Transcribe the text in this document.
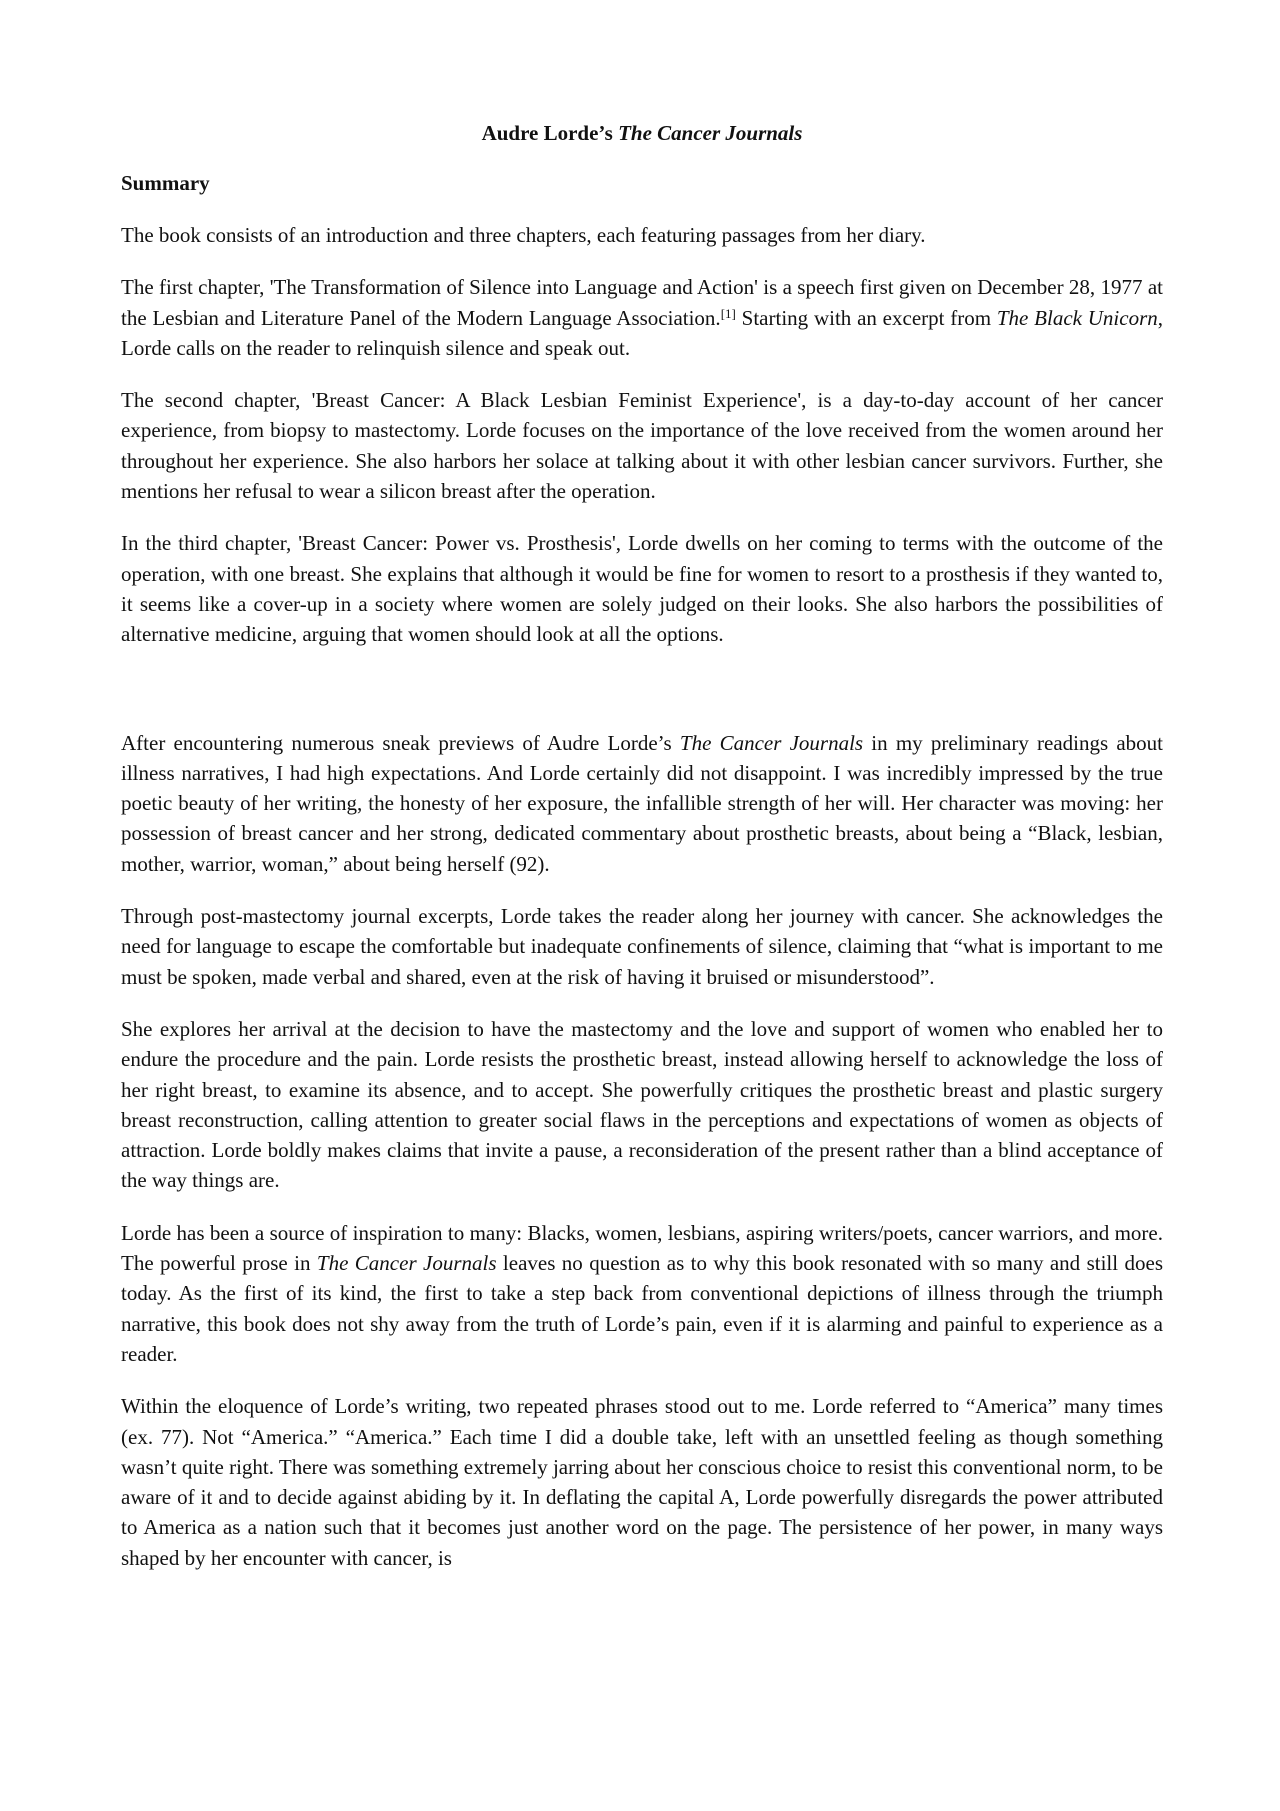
Audre Lorde’s The Cancer Journals
Summary

The book consists of an introduction and three chapters, each featuring passages from her diary.

The first chapter, 'The Transformation of Silence into Language and Action' is a speech first given on December 28, 1977 at the Lesbian and Literature Panel of the Modern Language Association.[1] Starting with an excerpt from The Black Unicorn, Lorde calls on the reader to relinquish silence and speak out.

The second chapter, 'Breast Cancer: A Black Lesbian Feminist Experience', is a day-to-day account of her cancer experience, from biopsy to mastectomy. Lorde focuses on the importance of the love received from the women around her throughout her experience. She also harbors her solace at talking about it with other lesbian cancer survivors. Further, she mentions her refusal to wear a silicon breast after the operation.

In the third chapter, 'Breast Cancer: Power vs. Prosthesis', Lorde dwells on her coming to terms with the outcome of the operation, with one breast. She explains that although it would be fine for women to resort to a prosthesis if they wanted to, it seems like a cover-up in a society where women are solely judged on their looks. She also harbors the possibilities of alternative medicine, arguing that women should look at all the options.

After encountering numerous sneak previews of Audre Lorde’s The Cancer Journals in my preliminary readings about illness narratives, I had high expectations. And Lorde certainly did not disappoint. I was incredibly impressed by the true poetic beauty of her writing, the honesty of her exposure, the infallible strength of her will. Her character was moving: her possession of breast cancer and her strong, dedicated commentary about prosthetic breasts, about being a “Black, lesbian, mother, warrior, woman,” about being herself (92).

Through post-mastectomy journal excerpts, Lorde takes the reader along her journey with cancer. She acknowledges the need for language to escape the comfortable but inadequate confinements of silence, claiming that “what is important to me must be spoken, made verbal and shared, even at the risk of having it bruised or misunderstood”.

She explores her arrival at the decision to have the mastectomy and the love and support of women who enabled her to endure the procedure and the pain. Lorde resists the prosthetic breast, instead allowing herself to acknowledge the loss of her right breast, to examine its absence, and to accept. She powerfully critiques the prosthetic breast and plastic surgery breast reconstruction, calling attention to greater social flaws in the perceptions and expectations of women as objects of attraction. Lorde boldly makes claims that invite a pause, a reconsideration of the present rather than a blind acceptance of the way things are.

Lorde has been a source of inspiration to many: Blacks, women, lesbians, aspiring writers/poets, cancer warriors, and more. The powerful prose in The Cancer Journals leaves no question as to why this book resonated with so many and still does today. As the first of its kind, the first to take a step back from conventional depictions of illness through the triumph narrative, this book does not shy away from the truth of Lorde’s pain, even if it is alarming and painful to experience as a reader.

Within the eloquence of Lorde’s writing, two repeated phrases stood out to me. Lorde referred to “America” many times (ex. 77). Not “America.” “America.” Each time I did a double take, left with an unsettled feeling as though something wasn’t quite right. There was something extremely jarring about her conscious choice to resist this conventional norm, to be aware of it and to decide against abiding by it. In deflating the capital A, Lorde powerfully disregards the power attributed to America as a nation such that it becomes just another word on the page. The persistence of her power, in many ways shaped by her encounter with cancer, is
